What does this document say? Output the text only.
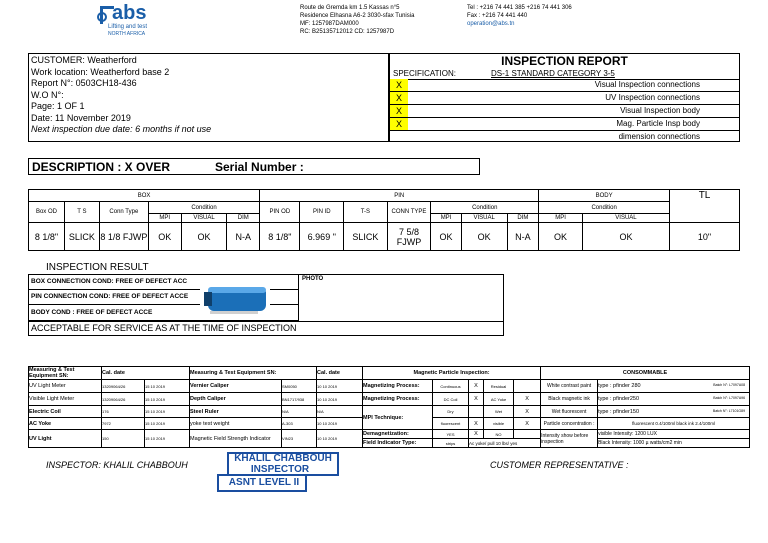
abs
Lifting and test
NORTH AFRICA
Route de Gremda km 1.5 Kassas n°5
Residence Elhasna A6-2 3030-sfax Tunisia
MF: 1257987DAM000
RC: B25135712012 CD: 1257987D
Tel : +216 74 441 385 +216 74 441 306
Fax : +216 74 441 440
operation@abs.tn
CUSTOMER: Weatherford
Work location: Weatherford base 2
Report N°: 0503CH18-436
W.O N°:
Page: 1 OF 1
Date: 11 November 2019
Next inspection due date: 6 months if not use
INSPECTION REPORT
SPECIFICATION:	DS-1 STANDARD CATEGORY 3-5
X	Visual Inspection connections
X	UV Inspection connections
X	Visual Inspection body
X	Mag. Particle Insp body
dimension connections
DESCRIPTION : X OVER	Serial Number :
BOX						PIN							BODY		TL
Box OD	T S	Conn Type	Condition			PIN OD	PIN ID	T-S	CONN TYPE	Condition			Condition		
			MPI	VISUAL	DIM					MPI	VISUAL	DIM	MPI	VISUAL	
8 1/8"	SLICK	8 1/8 FJWP	OK	OK	N-A	8 1/8"	6.969 "	SLICK	7 5/8 FJWP	OK	OK	N-A	OK	OK	10"
INSPECTION RESULT
BOX CONNECTION COND: FREE OF DEFECT ACC
PIN CONNECTION COND: FREE OF DEFECT ACCE
BODY COND : FREE OF DEFECT ACCE
PHOTO
ACCEPTABLE FOR SERVICE AS AT THE TIME OF INSPECTION
Measuring & Test Equipment SN:	Cal. date		Measuring & Test Equipment SN:		Cal. date	Magnetic Particle Inspection:					CONSOMMABLE	
UV Light Meter	13209064/26	15 10 2019	Vernier Caliper	SM0050	10 10 2019	Magnetizing Process:	Continuous	X	Residual		White contrast paint	type : pfinder 280 Batch N°: L7097A08

Visible Light Meter	13209064/26	15 10 2019	Depth Caliper	BN1717/938	10 10 2019	Magnetizing Process:	DC Coil	X	AC Yoke	X	Black magnetic ink	type : pfinder250 Batch N°: L7097A96

Electric Coil	176	15 10 2019	Steel Ruler	N/A	N/A	MPI Technique:	Dry		Wet	X	Wet fluorescent	type : pfinder150 Batch N°: L7101G89

AC Yoke	7972	15 10 2019	yoke test weight	A-303	10 10 2019		fluorescent	X	visible	X	Particle concentration :	fluorescent 0.4/100ml black ink 2.4/100ml
UV Light	150	15 10 2019	Magnetic Field Strength Indicator	VIN23	10 10 2019	Demagnetization:	YES	X	NO		Intensity show before inspection	visible Intensity: 1200 LUX
						Field Indicator Type:	strips	Ac yoke/ pull 10 lbs/ yes				Black Intensity: 1000 µ watts/cm2 min
INSPECTOR: KHALIL CHABBOUH
KHALIL CHABBOUH
INSPECTOR
ASNT LEVEL II
CUSTOMER REPRESENTATIVE :
